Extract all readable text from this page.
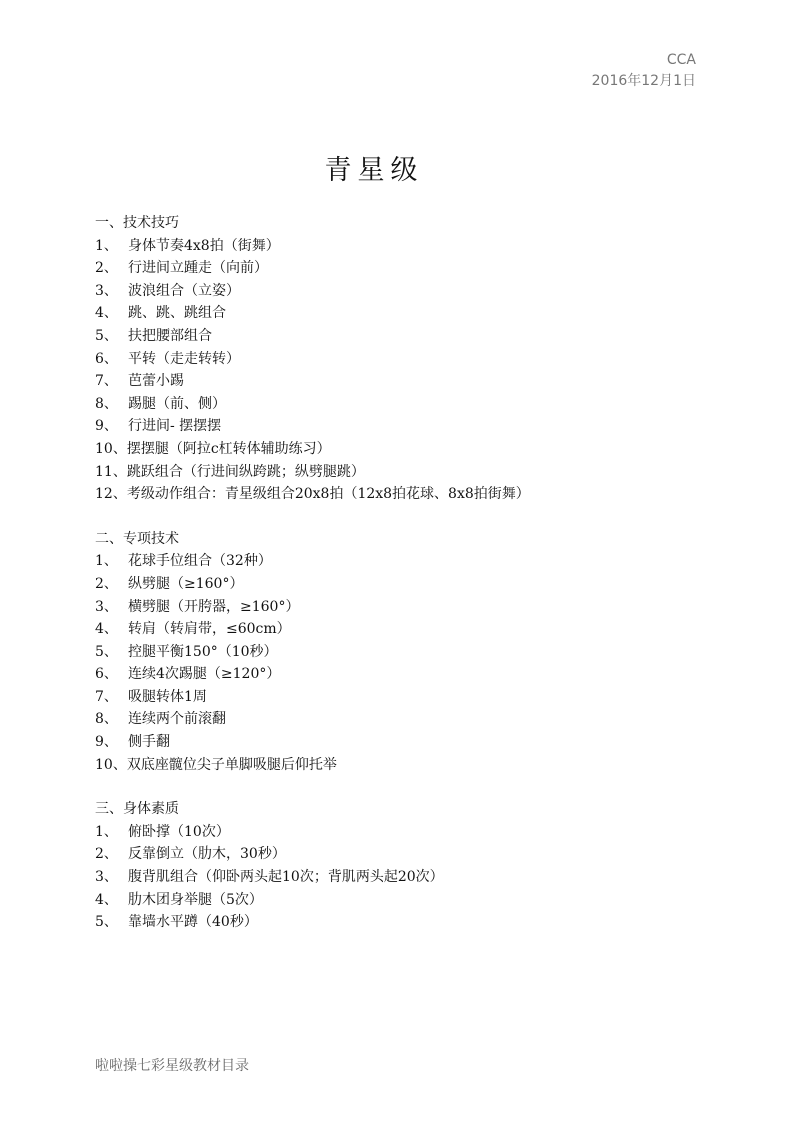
CCA
2016年12月1日
青星级
一、技术技巧
1、 身体节奏4x8拍（街舞）
2、 行进间立踵走（向前）
3、 波浪组合（立姿）
4、 跳、跳、跳组合
5、 扶把腰部组合
6、 平转（走走转转）
7、 芭蕾小踢
8、 踢腿（前、侧）
9、 行进间- 摆摆摆
10、 摆摆腿（阿拉c杠转体辅助练习）
11、 跳跃组合（行进间纵跨跳；纵劈腿跳）
12、 考级动作组合：青星级组合20x8拍（12x8拍花球、8x8拍街舞）
二、专项技术
1、 花球手位组合（32种）
2、 纵劈腿（≥160°）
3、 横劈腿（开胯器，≥160°）
4、 转肩（转肩带，≤60cm）
5、 控腿平衡150°（10秒）
6、 连续4次踢腿（≥120°）
7、 吸腿转体1周
8、 连续两个前滚翻
9、 侧手翻
10、 双底座髋位尖子单脚吸腿后仰托举
三、身体素质
1、 俯卧撑（10次）
2、 反靠倒立（肋木，30秒）
3、 腹背肌组合（仰卧两头起10次；背肌两头起20次）
4、 肋木团身举腿（5次）
5、 靠墙水平蹲（40秒）
啦啦操七彩星级教材目录
